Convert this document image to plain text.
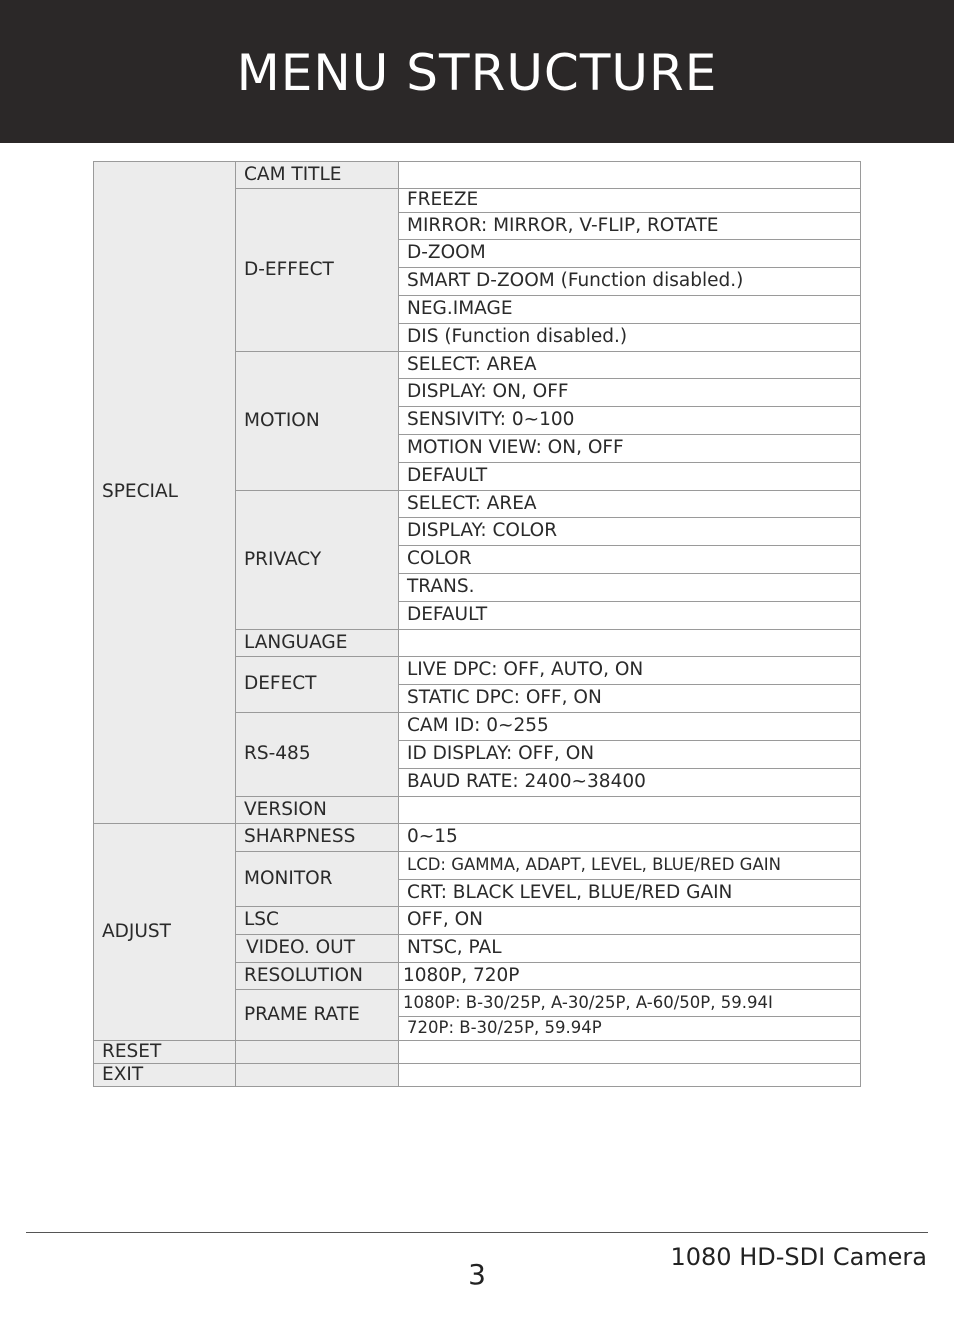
MENU STRUCTURE
SPECIAL	CAM TITLE	
	D-EFFECT	FREEZE
		MIRROR: MIRROR, V-FLIP, ROTATE
		D-ZOOM
		SMART D-ZOOM (Function disabled.)
		NEG.IMAGE
		DIS (Function disabled.)
	MOTION	SELECT: AREA
		DISPLAY: ON, OFF
		SENSIVITY: 0~100
		MOTION VIEW: ON, OFF
		DEFAULT
	PRIVACY	SELECT: AREA
		DISPLAY: COLOR
		COLOR
		TRANS.
		DEFAULT
	LANGUAGE	
	DEFECT	LIVE DPC: OFF, AUTO, ON
		STATIC DPC: OFF, ON
	RS-485	CAM ID: 0~255
		ID DISPLAY: OFF, ON
		BAUD RATE: 2400~38400
	VERSION	
ADJUST	SHARPNESS	0~15
	MONITOR	LCD: GAMMA, ADAPT, LEVEL, BLUE/RED GAIN
		CRT: BLACK LEVEL, BLUE/RED GAIN
	LSC	OFF, ON
	VIDEO. OUT	NTSC, PAL
	RESOLUTION	1080P, 720P
	PRAME RATE	1080P: B-30/25P, A-30/25P, A-60/50P, 59.94I
		720P: B-30/25P, 59.94P
RESET		
EXIT		
3
1080 HD-SDI Camera
